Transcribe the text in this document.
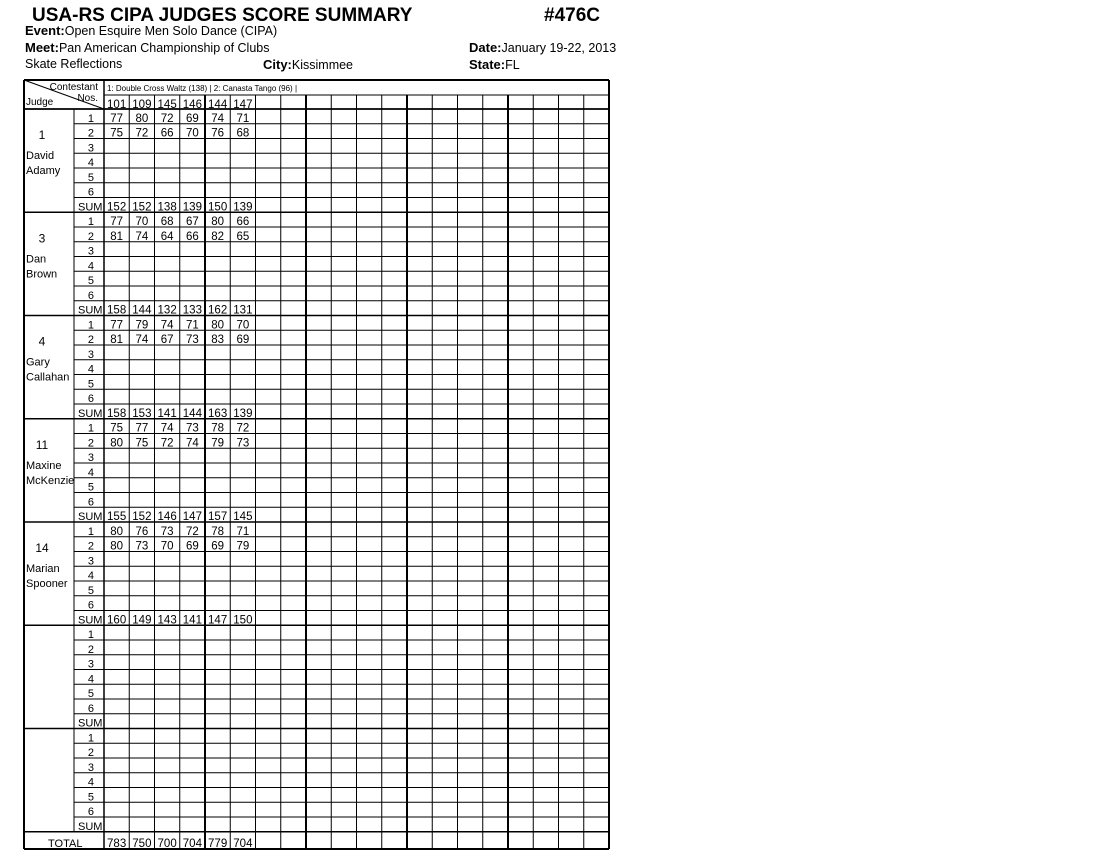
USA-RS CIPA JUDGES SCORE SUMMARY	#476C
Event:Open Esquire Men Solo Dance (CIPA)
Meet:Pan American Championship of Clubs	Date:January 19-22, 2013
Skate Reflections	City:Kissimmee	State:FL
Contestant
Nos.
Judge
1: Double Cross Waltz (138) | 2: Canasta Tango (96) |
101 109 145 146 144 147
1
David
Adamy
1 77 80 72 69 74 71
2 75 72 66 70 76 68
3
4
5
6
SUM 152 152 138 139 150 139
3
Dan
Brown
1 77 70 68 67 80 66
2 81 74 64 66 82 65
3
4
5
6
SUM 158 144 132 133 162 131
4
Gary
Callahan
1 77 79 74 71 80 70
2 81 74 67 73 83 69
3
4
5
6
SUM 158 153 141 144 163 139
11
Maxine
McKenzie
1 75 77 74 73 78 72
2 80 75 72 74 79 73
3
4
5
6
SUM 155 152 146 147 157 145
14
Marian
Spooner
1 80 76 73 72 78 71
2 80 73 70 69 69 79
3
4
5
6
SUM 160 149 143 141 147 150
1
2
3
4
5
6
SUM
1
2
3
4
5
6
SUM
TOTAL 783 750 700 704 779 704
